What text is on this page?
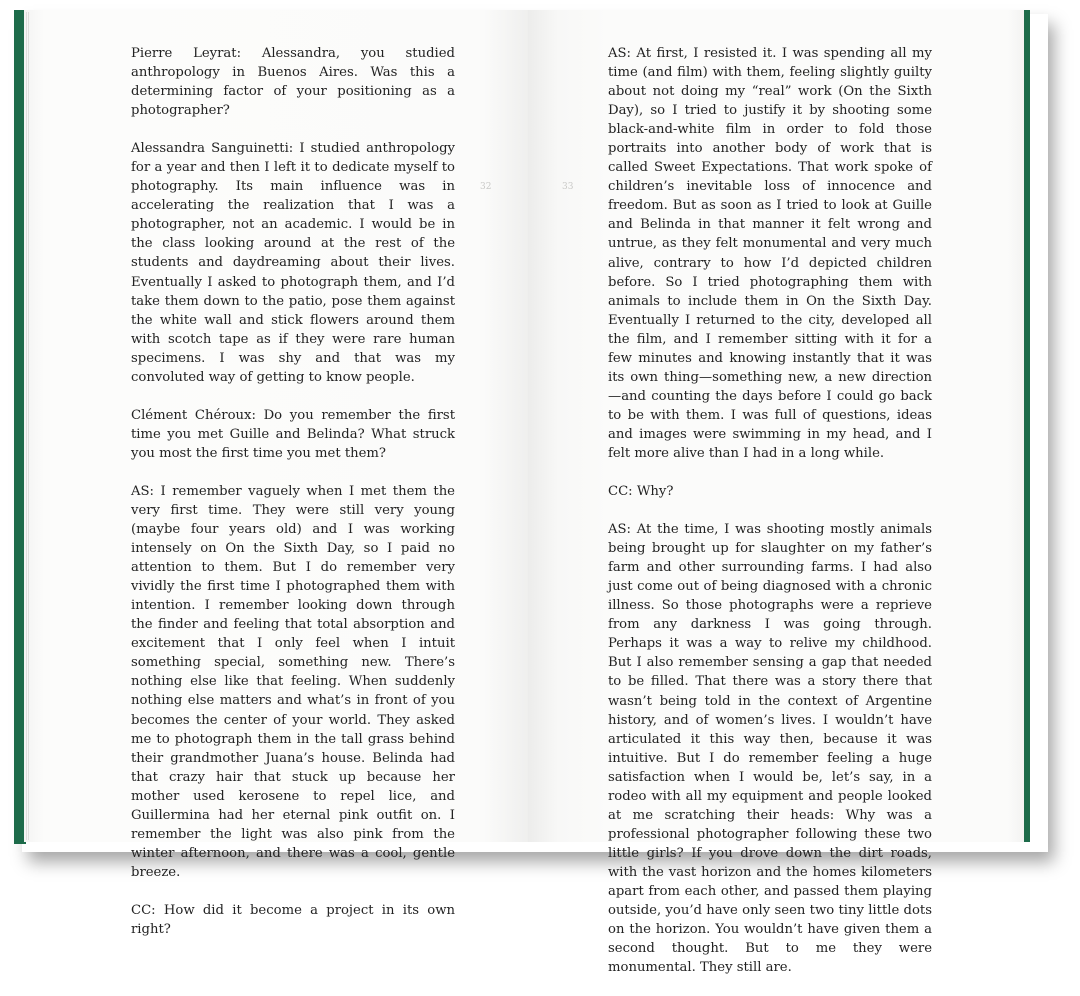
32

Pierre Leyrat: Alessandra, you studied anthropology in Buenos Aires. Was this a determining factor of your positioning as a photographer?

Alessandra Sanguinetti: I studied anthropology for a year and then I left it to dedicate myself to photography. Its main influence was in accelerating the realization that I was a photographer, not an academic. I would be in the class looking around at the rest of the students and daydreaming about their lives. Eventually I asked to photograph them, and I’d take them down to the patio, pose them against the white wall and stick flowers around them with scotch tape as if they were rare human specimens. I was shy and that was my convoluted way of getting to know people.

Clément Chéroux: Do you remember the first time you met Guille and Belinda? What struck you most the first time you met them?

AS: I remember vaguely when I met them the very first time. They were still very young (maybe four years old) and I was working intensely on On the Sixth Day, so I paid no attention to them. But I do remember very vividly the first time I photographed them with intention. I remember looking down through the finder and feeling that total absorption and excitement that I only feel when I intuit something special, something new. There’s nothing else like that feeling. When suddenly nothing else matters and what’s in front of you becomes the center of your world. They asked me to photograph them in the tall grass behind their grandmother Juana’s house. Belinda had that crazy hair that stuck up because her mother used kerosene to repel lice, and Guillermina had her eternal pink outfit on. I remember the light was also pink from the winter afternoon, and there was a cool, gentle breeze.

CC: How did it become a project in its own right?

33

AS: At first, I resisted it. I was spending all my time (and film) with them, feeling slightly guilty about not doing my “real” work (On the Sixth Day), so I tried to justify it by shooting some black-and-white film in order to fold those portraits into another body of work that is called Sweet Expectations. That work spoke of children’s inevitable loss of innocence and freedom. But as soon as I tried to look at Guille and Belinda in that manner it felt wrong and untrue, as they felt monumental and very much alive, contrary to how I’d depicted children before. So I tried photographing them with animals to include them in On the Sixth Day. Eventually I returned to the city, developed all the film, and I remember sitting with it for a few minutes and knowing instantly that it was its own thing—something new, a new direction—and counting the days before I could go back to be with them. I was full of questions, ideas and images were swimming in my head, and I felt more alive than I had in a long while.

CC: Why?

AS: At the time, I was shooting mostly animals being brought up for slaughter on my father’s farm and other surrounding farms. I had also just come out of being diagnosed with a chronic illness. So those photographs were a reprieve from any darkness I was going through. Perhaps it was a way to relive my childhood. But I also remember sensing a gap that needed to be filled. That there was a story there that wasn’t being told in the context of Argentine history, and of women’s lives. I wouldn’t have articulated it this way then, because it was intuitive. But I do remember feeling a huge satisfaction when I would be, let’s say, in a rodeo with all my equipment and people looked at me scratching their heads: Why was a professional photographer following these two little girls? If you drove down the dirt roads, with the vast horizon and the homes kilometers apart from each other, and passed them playing outside, you’d have only seen two tiny little dots on the horizon. You wouldn’t have given them a second thought. But to me they were monumental. They still are.
